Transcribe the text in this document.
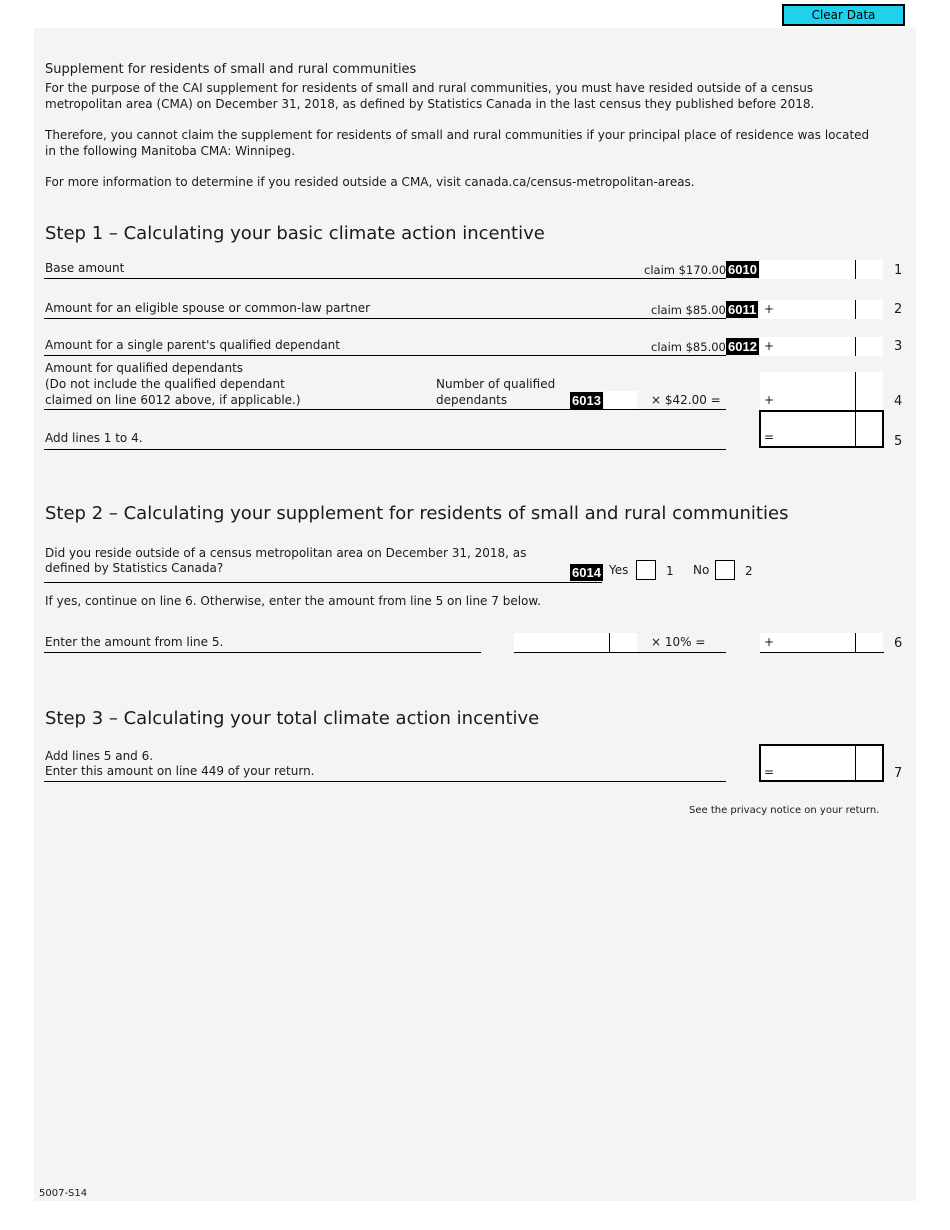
Clear Data
Supplement for residents of small and rural communities
For the purpose of the CAI supplement for residents of small and rural communities, you must have resided outside of a census
metropolitan area (CMA) on December 31, 2018, as defined by Statistics Canada in the last census they published before 2018.
Therefore, you cannot claim the supplement for residents of small and rural communities if your principal place of residence was located
in the following Manitoba CMA: Winnipeg.
For more information to determine if you resided outside a CMA, visit canada.ca/census-metropolitan-areas.
Step 1 – Calculating your basic climate action incentive
Base amount	claim $170.00 6010	1
Amount for an eligible spouse or common-law partner	claim $85.00 6011 +	2
Amount for a single parent's qualified dependant	claim $85.00 6012 +	3
Amount for qualified dependants
(Do not include the qualified dependant
claimed on line 6012 above, if applicable.)
Number of qualified
dependants	6013	× $42.00 =	+	4
Add lines 1 to 4.	=	5
Step 2 – Calculating your supplement for residents of small and rural communities
Did you reside outside of a census metropolitan area on December 31, 2018, as
defined by Statistics Canada?	6014 Yes	1 No	2
If yes, continue on line 6. Otherwise, enter the amount from line 5 on line 7 below.
Enter the amount from line 5.	× 10% =	+	6
Step 3 – Calculating your total climate action incentive
Add lines 5 and 6.
Enter this amount on line 449 of your return.	=	7
See the privacy notice on your return.
5007-S14
